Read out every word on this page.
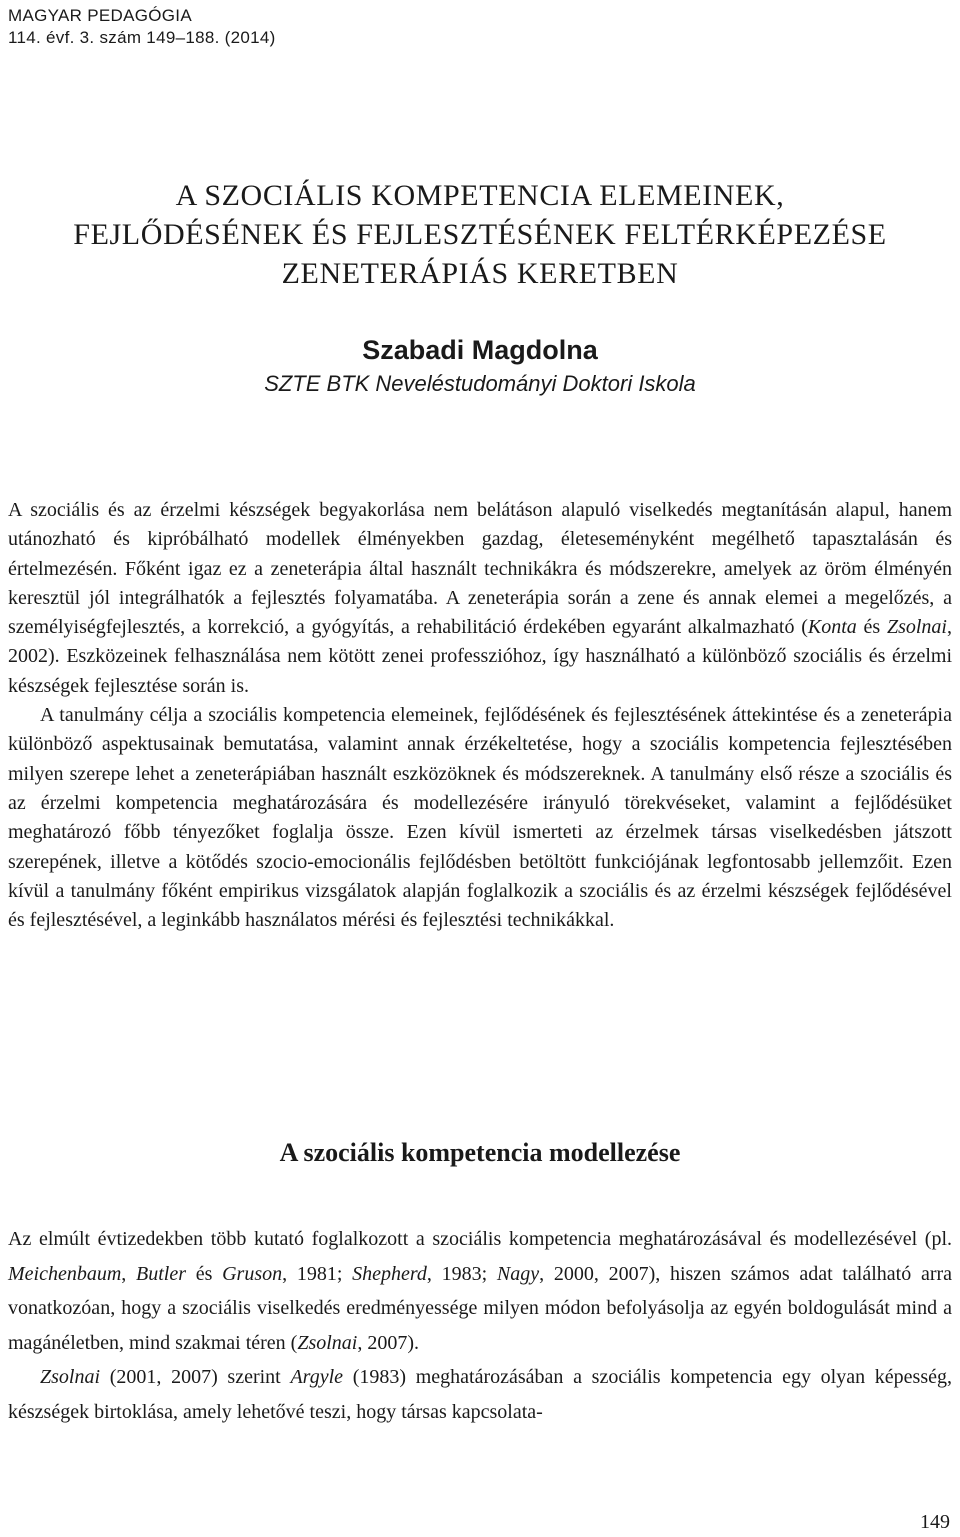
MAGYAR PEDAGÓGIA
114. évf. 3. szám 149–188. (2014)
A SZOCIÁLIS KOMPETENCIA ELEMEINEK,
FEJLŐDÉSÉNEK ÉS FEJLESZTÉSÉNEK FELTÉRKÉPEZÉSE
ZENETERÁPIÁS KERETBEN
Szabadi Magdolna
SZTE BTK Neveléstudományi Doktori Iskola

A szociális és az érzelmi készségek begyakorlása nem belátáson alapuló viselkedés megtanításán alapul, hanem utánozható és kipróbálható modellek élményekben gazdag, életeseményként megélhető tapasztalásán és értelmezésén. Főként igaz ez a zeneterápia által használt technikákra és módszerekre, amelyek az öröm élményén keresztül jól integrálhatók a fejlesztés folyamatába. A zeneterápia során a zene és annak elemei a megelőzés, a személyiségfejlesztés, a korrekció, a gyógyítás, a rehabilitáció érdekében egyaránt alkalmazható (Konta és Zsolnai, 2002). Eszközeinek felhasználása nem kötött zenei professzióhoz, így használható a különböző szociális és érzelmi készségek fejlesztése során is.

A tanulmány célja a szociális kompetencia elemeinek, fejlődésének és fejlesztésének áttekintése és a zeneterápia különböző aspektusainak bemutatása, valamint annak érzékeltetése, hogy a szociális kompetencia fejlesztésében milyen szerepe lehet a zeneterápiában használt eszközöknek és módszereknek. A tanulmány első része a szociális és az érzelmi kompetencia meghatározására és modellezésére irányuló törekvéseket, valamint a fejlődésüket meghatározó főbb tényezőket foglalja össze. Ezen kívül ismerteti az érzelmek társas viselkedésben játszott szerepének, illetve a kötődés szocio-emocionális fejlődésben betöltött funkciójának legfontosabb jellemzőit. Ezen kívül a tanulmány főként empirikus vizsgálatok alapján foglalkozik a szociális és az érzelmi készségek fejlődésével és fejlesztésével, a leginkább használatos mérési és fejlesztési technikákkal.

A szociális kompetencia modellezése

Az elmúlt évtizedekben több kutató foglalkozott a szociális kompetencia meghatározásával és modellezésével (pl. Meichenbaum, Butler és Gruson, 1981; Shepherd, 1983; Nagy, 2000, 2007), hiszen számos adat található arra vonatkozóan, hogy a szociális viselkedés eredményessége milyen módon befolyásolja az egyén boldogulását mind a magánéletben, mind szakmai téren (Zsolnai, 2007).

Zsolnai (2001, 2007) szerint Argyle (1983) meghatározásában a szociális kompetencia egy olyan képesség, készségek birtoklása, amely lehetővé teszi, hogy társas kapcsolata-

149
